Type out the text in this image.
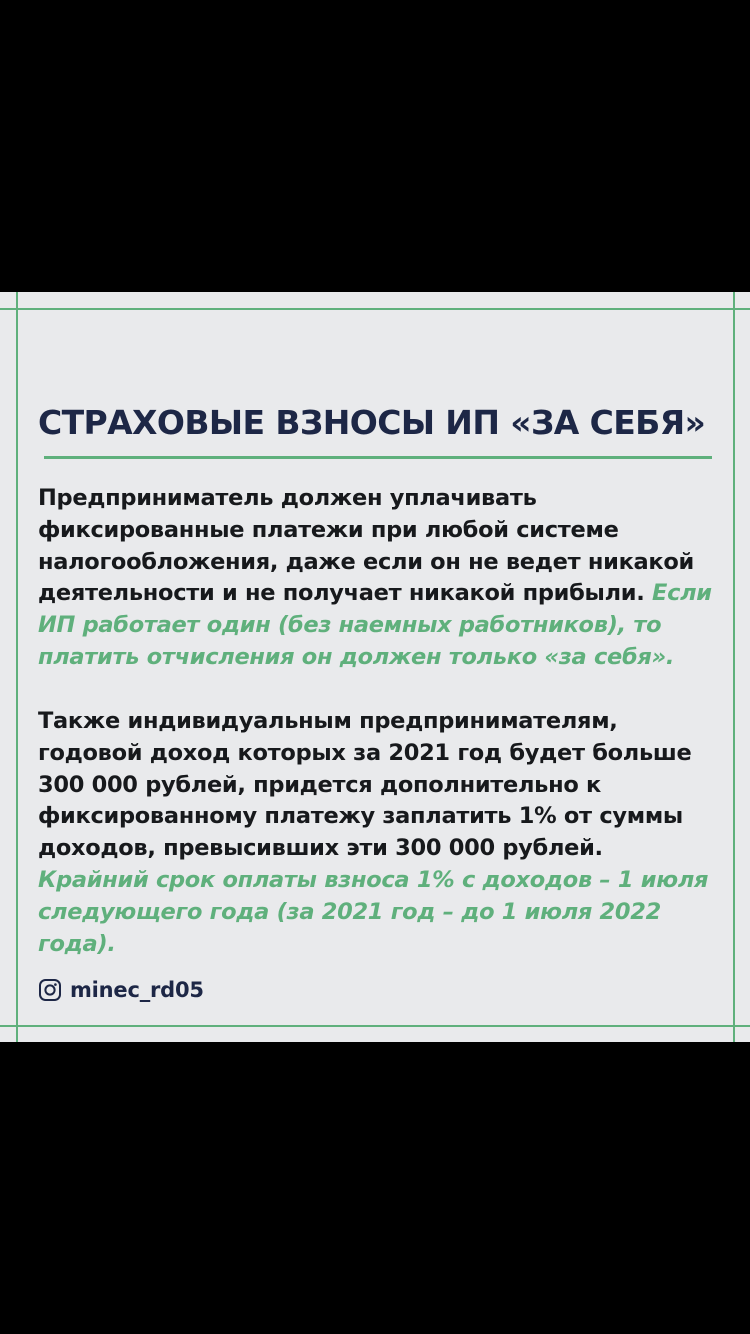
СТРАХОВЫЕ ВЗНОСЫ ИП «ЗА СЕБЯ»

Предприниматель должен уплачивать фиксированные платежи при любой системе налогообложения, даже если он не ведет никакой деятельности и не получает никакой прибыли. Если ИП работает один (без наемных работников), то платить отчисления он должен только «за себя».

Также индивидуальным предпринимателям, годовой доход которых за 2021 год будет больше 300 000 рублей, придется дополнительно к фиксированному платежу заплатить 1% от суммы доходов, превысивших эти 300 000 рублей. Крайний срок оплаты взноса 1% с доходов – 1 июля следующего года (за 2021 год – до 1 июля 2022 года).

minec_rd05
